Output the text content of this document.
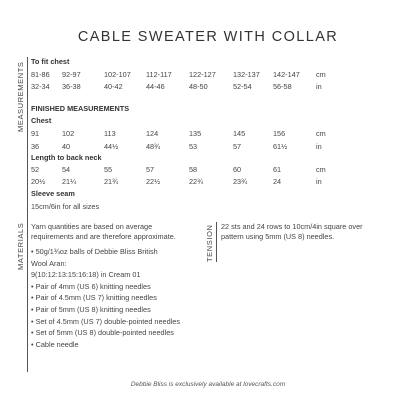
CABLE SWEATER WITH COLLAR
MEASUREMENTS To fit chest
81-86 92-97	102-107 112-117 122-127 132-137 142-147 cm
32-34 36-38	40-42	44-46	48-50	52-54	56-58	in
FINISHED MEASUREMENTS
Chest
91	102	113	124	135	145	156	cm
36	40	44½	48¾	53	57	61½	in
Length to back neck
52	54	55	57	58	60	61	cm
20½ 21¼	21¾	22½	22¾	23¾	24	in
Sleeve seam
15cm/6in for all sizes
MATERIALS Yarn quantities are based on average
requirements and are therefore approximate.
• 50g/1¾oz balls of Debbie Bliss British
Wool Aran:
9(10:12:13:15:16:18) in Cream 01
• Pair of 4mm (US 6) knitting needles
• Pair of 4.5mm (US 7) knitting needles
• Pair of 5mm (US 8) knitting needles
• Set of 4.5mm (US 7) double-pointed needles
• Set of 5mm (US 8) double-pointed needles
• Cable needle
TENSION 22 sts and 24 rows to 10cm/4in square over
pattern using 5mm (US 8) needles.
Debbie Bliss is exclusively available at lovecrafts.com
